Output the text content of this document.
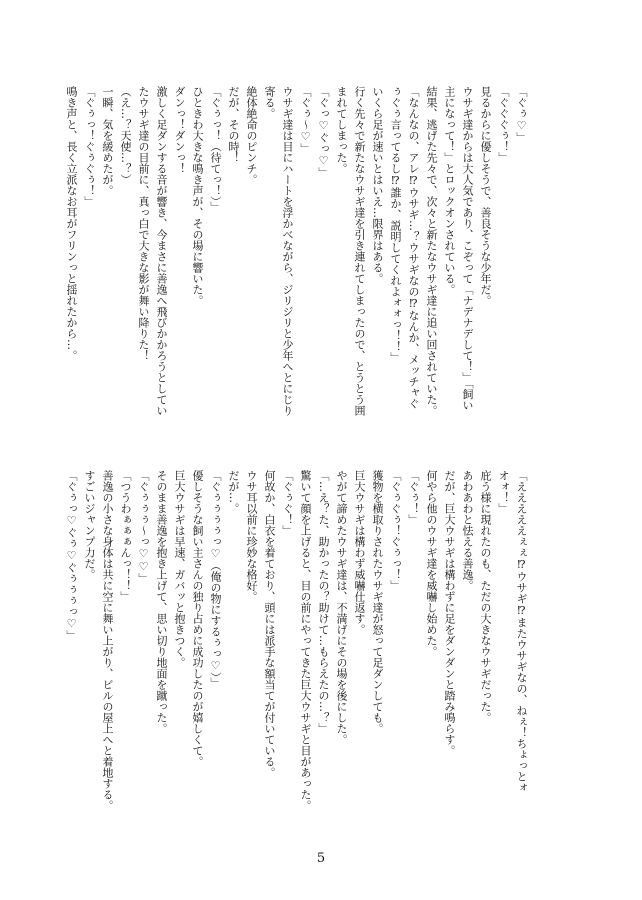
「ぐぅ♡」
「ぐぐぐぅ！」
見るからに優しそうで、善良そうな少年だ。
ウサギ達からは大人気であり、こぞって「ナデナデして！」「飼い
主になって！」とロックオンされている。
結果、逃げた先々で、次々と新たなウサギ達に追い回されていた。
「なんなの、アレ⁉ウサギ…？ウサギなの⁉なんか、メッチャぐ
ぅぐぅ言ってるし⁉誰か、説明してくれよォォっ！！」
いくら足が速いとはいえ…限界はある。
行く先々で新たなウサギ達を引き連れてしまったので、とうとう囲
まれてしまった。
「ぐっ♡ぐっ♡」
「ぐぅ〜♡」
ウサギ達は目にハートを浮かべながら、ジリジリと少年へとにじり
寄る。
絶体絶命のピンチ。
だが、その時！
「ぐぅっ！（待てっ！）」
ひときわ大きな鳴き声が、その場に響いた。
ダンっ！ダンっ！
激しく足ダンする音が響き、今まさに善逸へ飛びかかろうとしてい
たウサギ達の目前に、真っ白で大きな影が舞い降りた！
（え…？天使…？）
一瞬、気を緩めたが。
「ぐぅっ！ぐぅぐぅ！」
鳴き声と、長く立派なお耳がフリンっと揺れたから…。
「えええええぇぇ⁉ウサギ⁉またウサギなの、ねぇ！ちょっとォ
オォ！」
庇う様に現れたのも、ただの大きなウサギだった。
あわあわと怯える善逸。
だが、巨大ウサギは構わずに足をダンダンと踏み鳴らす。
何やら他のウサギ達を威嚇し始めた。
「ぐぅ！」
「ぐぅぐぅ！ぐぅっ！」
獲物を横取りされたウサギ達が怒って足ダンしても。
巨大ウサギは構わず威嚇仕返す。
やがて諦めたウサギ達は、不満げにその場を後にした。
「…え？た、助かったの？助けて…もらえたの…？」
驚いて顔を上げると、目の前にやってきた巨大ウサギと目があった。
「ぐぅぐ！」
何故か、白衣を着ており、頭には派手な額当てが付いている。
ウサ耳以前に珍妙な格好。
だが…。
「ぐぅぅぅぅっ♡（俺の物にするぅっ♡）」
優しそうな飼い主さんの独り占めに成功したのが嬉しくて。
巨大ウサギは早速、ガバッと抱きつく。
そのまま善逸を抱き上げて、思い切り地面を蹴った。
「ぐぅぅぅ〜っ♡♡」
「つうわぁぁぁんっ！！」
善逸の小さな身体は共に空に舞い上がり、ビルの屋上へと着地する。
すごいジャンプ力だ。
「ぐぅっ♡ぐぅ♡ぐぅぅぅっ♡」
5
